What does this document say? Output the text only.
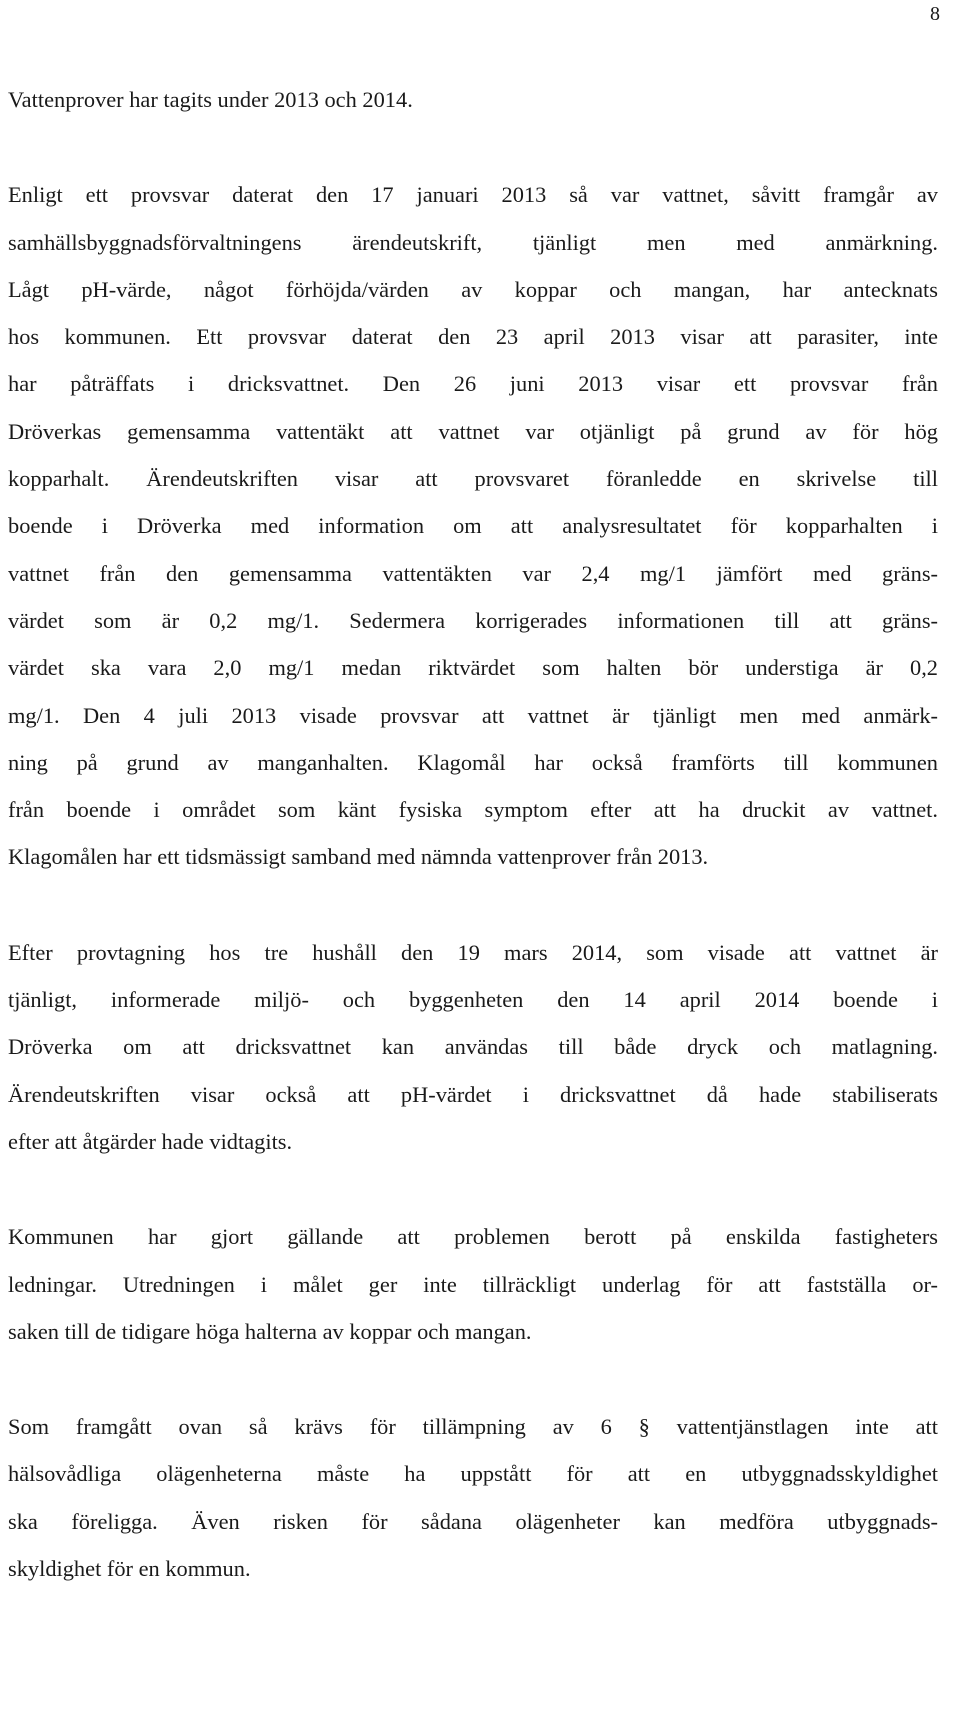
8

Vattenprover har tagits under 2013 och 2014.

Enligt ett provsvar daterat den 17 januari 2013 så var vattnet, såvitt framgår av
samhällsbyggnadsförvaltningens ärendeutskrift, tjänligt men med anmärkning.
Lågt pH-värde, något förhöjda/värden av koppar och mangan, har antecknats
hos kommunen. Ett provsvar daterat den 23 april 2013 visar att parasiter, inte
har påträffats i dricksvattnet. Den 26 juni 2013 visar ett provsvar från
Dröverkas gemensamma vattentäkt att vattnet var otjänligt på grund av för hög
kopparhalt. Ärendeutskriften visar att provsvaret föranledde en skrivelse till
boende i Dröverka med information om att analysresultatet för kopparhalten i
vattnet från den gemensamma vattentäkten var 2,4 mg/1 jämfört med gräns-
värdet som är 0,2 mg/1. Sedermera korrigerades informationen till att gräns-
värdet ska vara 2,0 mg/1 medan riktvärdet som halten bör understiga är 0,2
mg/1. Den 4 juli 2013 visade provsvar att vattnet är tjänligt men med anmärk-
ning på grund av manganhalten. Klagomål har också framförts till kommunen
från boende i området som känt fysiska symptom efter att ha druckit av vattnet.
Klagomålen har ett tidsmässigt samband med nämnda vattenprover från 2013.

Efter provtagning hos tre hushåll den 19 mars 2014, som visade att vattnet är
tjänligt, informerade miljö- och byggenheten den 14 april 2014 boende i
Dröverka om att dricksvattnet kan användas till både dryck och matlagning.
Ärendeutskriften visar också att pH-värdet i dricksvattnet då hade stabiliserats
efter att åtgärder hade vidtagits.

Kommunen har gjort gällande att problemen berott på enskilda fastigheters
ledningar. Utredningen i målet ger inte tillräckligt underlag för att fastställa or-
saken till de tidigare höga halterna av koppar och mangan.

Som framgått ovan så krävs för tillämpning av 6 § vattentjänstlagen inte att
hälsovådliga olägenheterna måste ha uppstått för att en utbyggnadsskyldighet
ska föreligga. Även risken för sådana olägenheter kan medföra utbyggnads-
skyldighet för en kommun.
